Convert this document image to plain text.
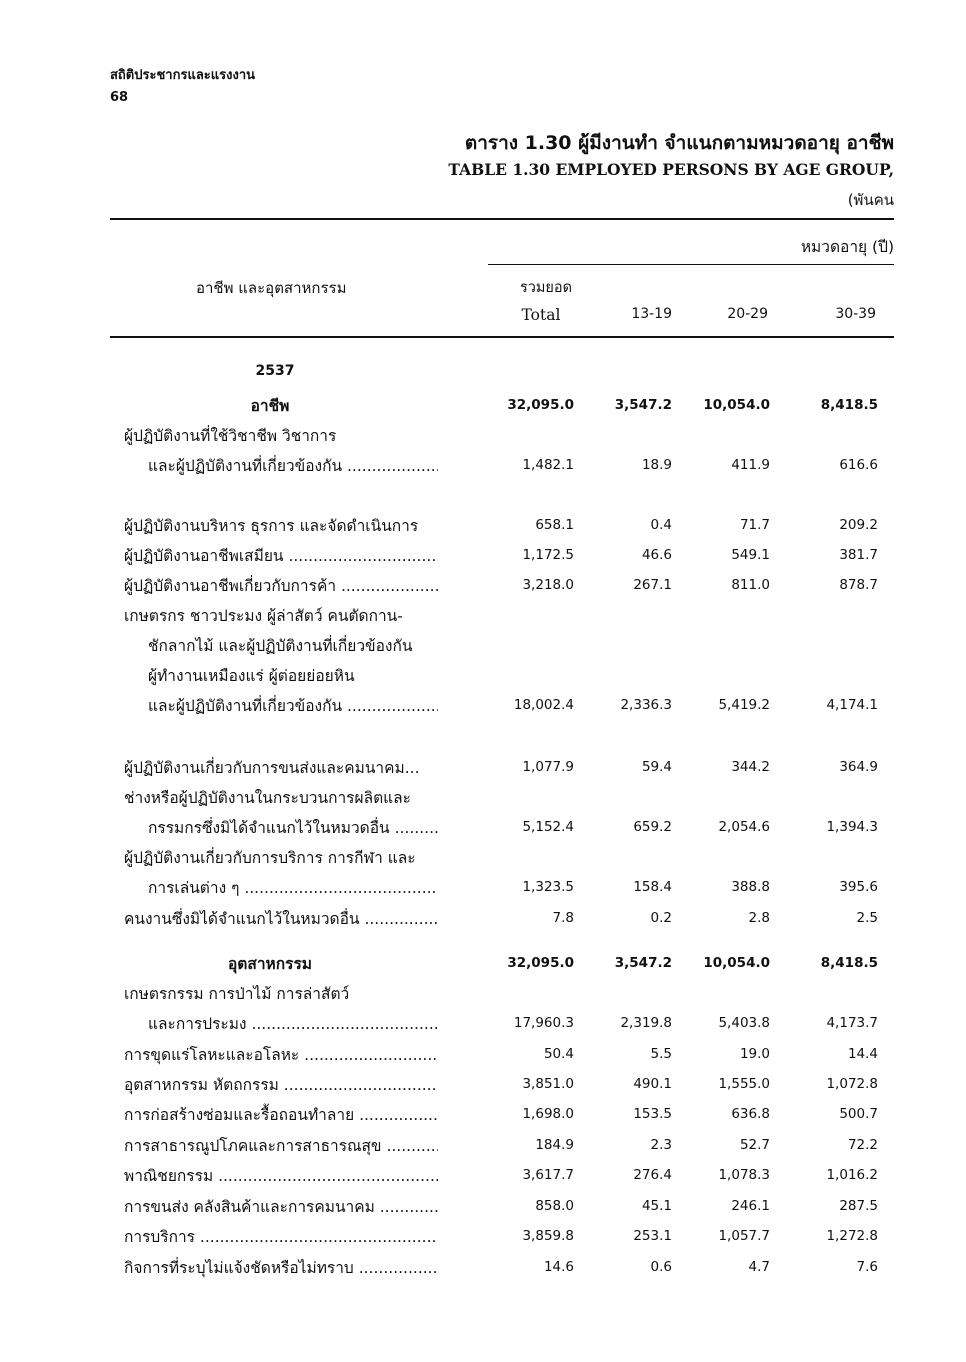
สถิติประชากรและแรงงาน
68
ตาราง 1.30 ผู้มีงานทำ จำแนกตามหมวดอายุ อาชีพ
TABLE 1.30 EMPLOYED PERSONS BY AGE GROUP,
(พันคน
หมวดอายุ (ปี)
อาชีพ และอุตสาหกรรม	รวมยอด
Total	13-19	20-29	30-39
2537
อาชีพ	32,095.0	3,547.2	10,054.0	8,418.5
ผู้ปฏิบัติงานที่ใช้วิชาชีพ วิชาการ
และผู้ปฏิบัติงานที่เกี่ยวข้องกัน .....	1,482.1	18.9	411.9	616.6
ผู้ปฏิบัติงานบริหาร ธุรการ และจัดดำเนินการ	658.1	0.4	71.7	209.2
ผู้ปฏิบัติงานอาชีพเสมียน .....	1,172.5	46.6	549.1	381.7
ผู้ปฏิบัติงานอาชีพเกี่ยวกับการค้า .....	3,218.0	267.1	811.0	878.7
เกษตรกร ชาวประมง ผู้ล่าสัตว์ คนตัดกาน-
ชักลากไม้ และผู้ปฏิบัติงานที่เกี่ยวข้องกัน
ผู้ทำงานเหมืองแร่ ผู้ต่อยย่อยหิน
และผู้ปฏิบัติงานที่เกี่ยวข้องกัน .....	18,002.4	2,336.3	5,419.2	4,174.1
ผู้ปฏิบัติงานเกี่ยวกับการขนส่งและคมนาคม...	1,077.9	59.4	344.2	364.9
ช่างหรือผู้ปฏิบัติงานในกระบวนการผลิตและ
กรรมกรซึ่งมิได้จำแนกไว้ในหมวดอื่น .....	5,152.4	659.2	2,054.6	1,394.3
ผู้ปฏิบัติงานเกี่ยวกับการบริการ การกีฬา และ
การเล่นต่าง ๆ .....	1,323.5	158.4	388.8	395.6
คนงานซึ่งมิได้จำแนกไว้ในหมวดอื่น .....	7.8	0.2	2.8	2.5
อุตสาหกรรม	32,095.0	3,547.2	10,054.0	8,418.5
เกษตรกรรม การป่าไม้ การล่าสัตว์
และการประมง .....	17,960.3	2,319.8	5,403.8	4,173.7
การขุดแร่โลหะและอโลหะ .....	50.4	5.5	19.0	14.4
อุตสาหกรรม หัตถกรรม .....	3,851.0	490.1	1,555.0	1,072.8
การก่อสร้างซ่อมและรื้อถอนทำลาย .....	1,698.0	153.5	636.8	500.7
การสาธารณูปโภคและการสาธารณสุข .....	184.9	2.3	52.7	72.2
พาณิชยกรรม .....	3,617.7	276.4	1,078.3	1,016.2
การขนส่ง คลังสินค้าและการคมนาคม .....	858.0	45.1	246.1	287.5
การบริการ .....	3,859.8	253.1	1,057.7	1,272.8
กิจการที่ระบุไม่แจ้งชัดหรือไม่ทราบ .....	14.6	0.6	4.7	7.6
